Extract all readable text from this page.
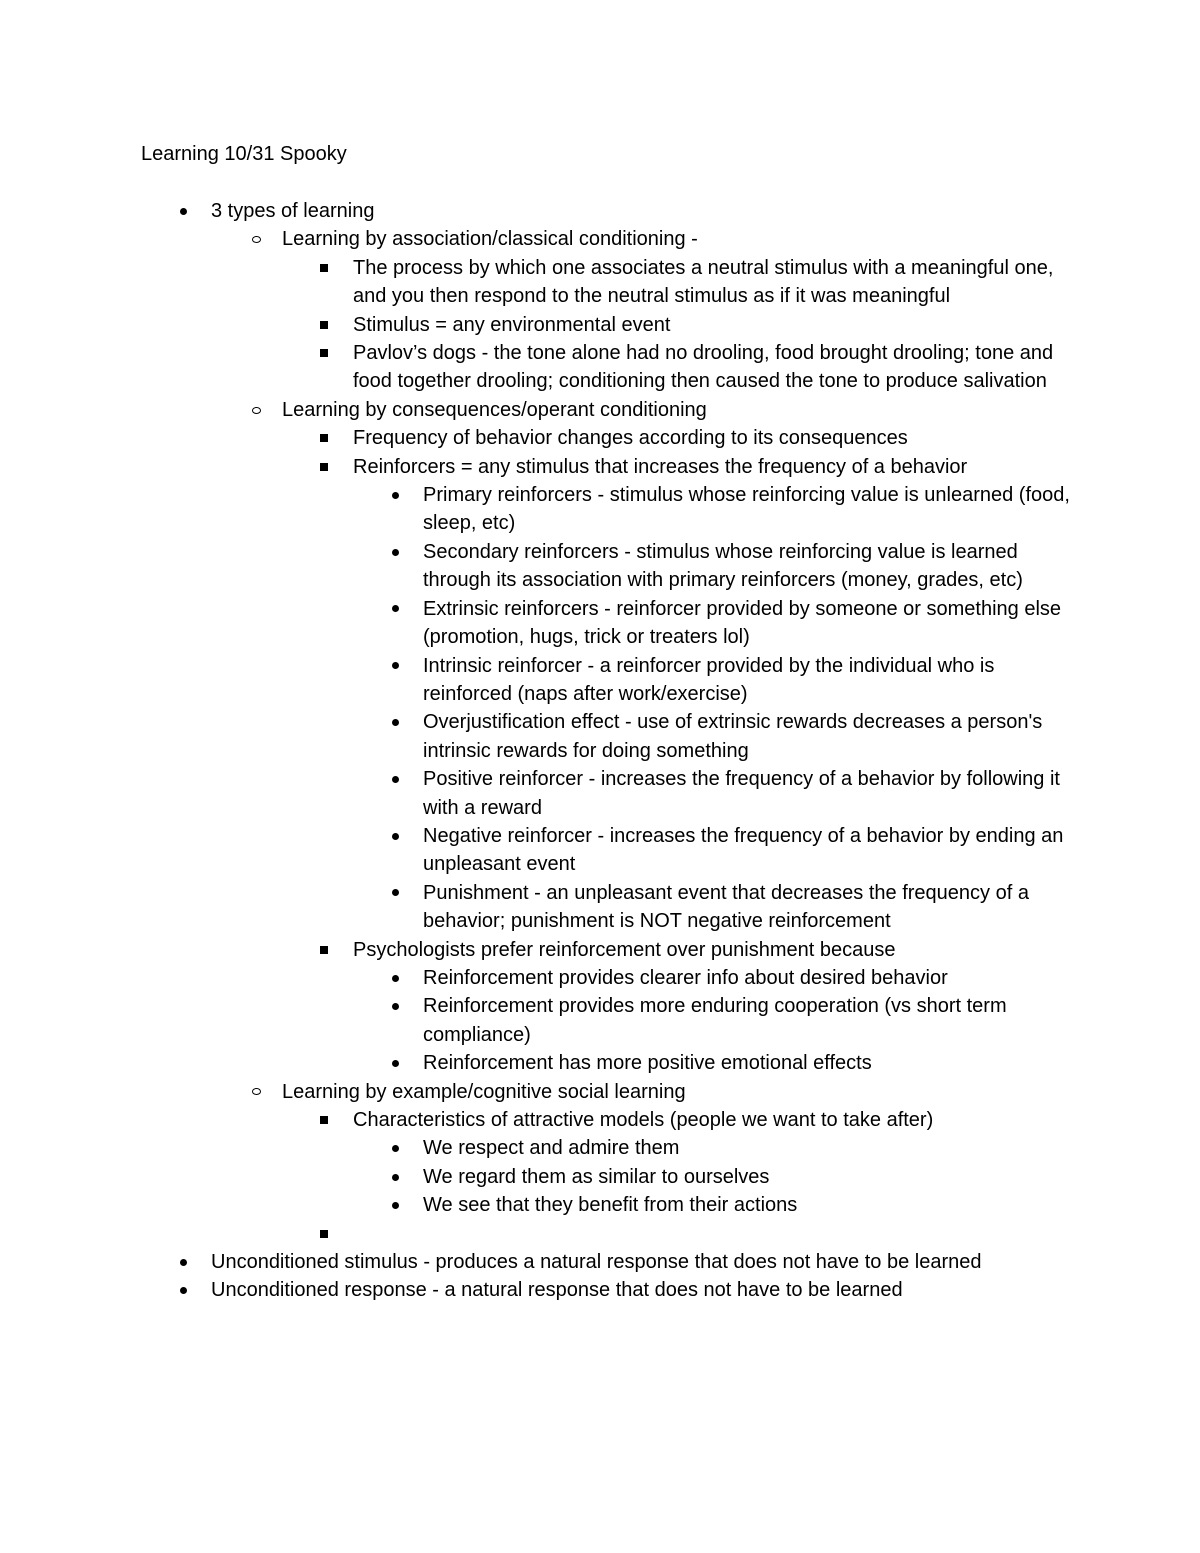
Learning 10/31 Spooky
3 types of learning
Learning by association/classical conditioning -
The process by which one associates a neutral stimulus with a meaningful one, and you then respond to the neutral stimulus as if it was meaningful
Stimulus = any environmental event
Pavlov’s dogs - the tone alone had no drooling, food brought drooling; tone and food together drooling; conditioning then caused the tone to produce salivation
Learning by consequences/operant conditioning
Frequency of behavior changes according to its consequences
Reinforcers = any stimulus that increases the frequency of a behavior
Primary reinforcers - stimulus whose reinforcing value is unlearned (food, sleep, etc)
Secondary reinforcers - stimulus whose reinforcing value is learned through its association with primary reinforcers (money, grades, etc)
Extrinsic reinforcers - reinforcer provided by someone or something else (promotion, hugs, trick or treaters lol)
Intrinsic reinforcer - a reinforcer provided by the individual who is reinforced (naps after work/exercise)
Overjustification effect - use of extrinsic rewards decreases a person's intrinsic rewards for doing something
Positive reinforcer - increases the frequency of a behavior by following it with a reward
Negative reinforcer - increases the frequency of a behavior by ending an unpleasant event
Punishment - an unpleasant event that decreases the frequency of a behavior; punishment is NOT negative reinforcement
Psychologists prefer reinforcement over punishment because
Reinforcement provides clearer info about desired behavior
Reinforcement provides more enduring cooperation (vs short term compliance)
Reinforcement has more positive emotional effects
Learning by example/cognitive social learning
Characteristics of attractive models (people we want to take after)
We respect and admire them
We regard them as similar to ourselves
We see that they benefit from their actions
Unconditioned stimulus - produces a natural response that does not have to be learned
Unconditioned response - a natural response that does not have to be learned
